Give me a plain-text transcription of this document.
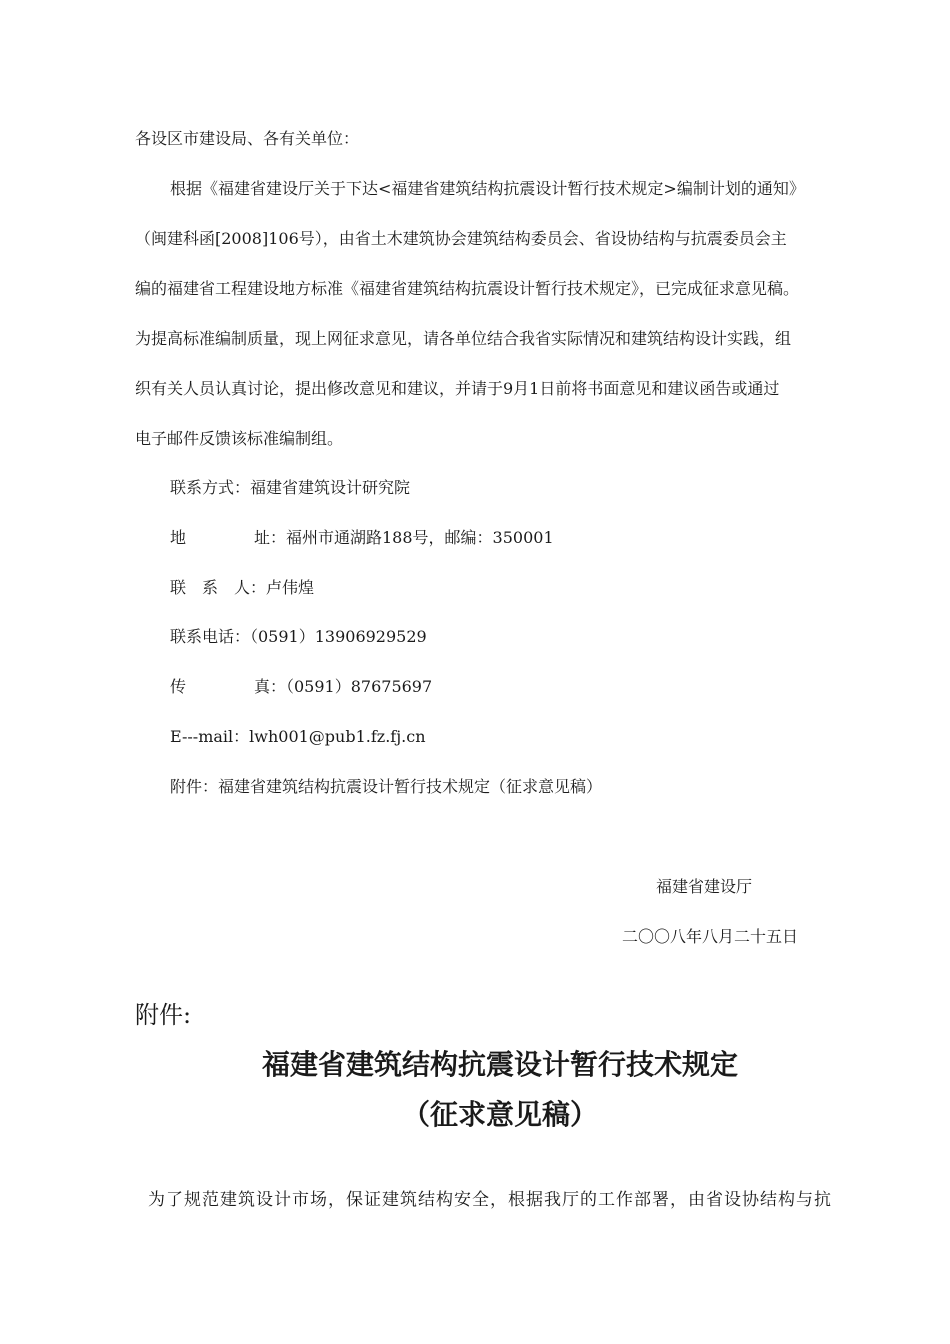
各设区市建设局、各有关单位：
根据《福建省建设厅关于下达<福建省建筑结构抗震设计暂行技术规定>编制计划的通知》
（闽建科函[2008]106号），由省土木建筑协会建筑结构委员会、省设协结构与抗震委员会主
编的福建省工程建设地方标准《福建省建筑结构抗震设计暂行技术规定》，已完成征求意见稿。
为提高标准编制质量，现上网征求意见，请各单位结合我省实际情况和建筑结构设计实践，组
织有关人员认真讨论，提出修改意见和建议，并请于9月1日前将书面意见和建议函告或通过
电子邮件反馈该标准编制组。
联系方式：福建省建筑设计研究院
地	址：福州市通湖路188号，邮编：350001
联　系　人：卢伟煌
联系电话：（0591）13906929529
传	真：（0591）87675697
E---mail：lwh001@pub1.fz.fj.cn
附件：福建省建筑结构抗震设计暂行技术规定（征求意见稿）
福建省建设厅
二〇〇八年八月二十五日
附件:
福建省建筑结构抗震设计暂行技术规定
（征求意见稿）
为了规范建筑设计市场，保证建筑结构安全，根据我厅的工作部署，由省设协结构与抗
